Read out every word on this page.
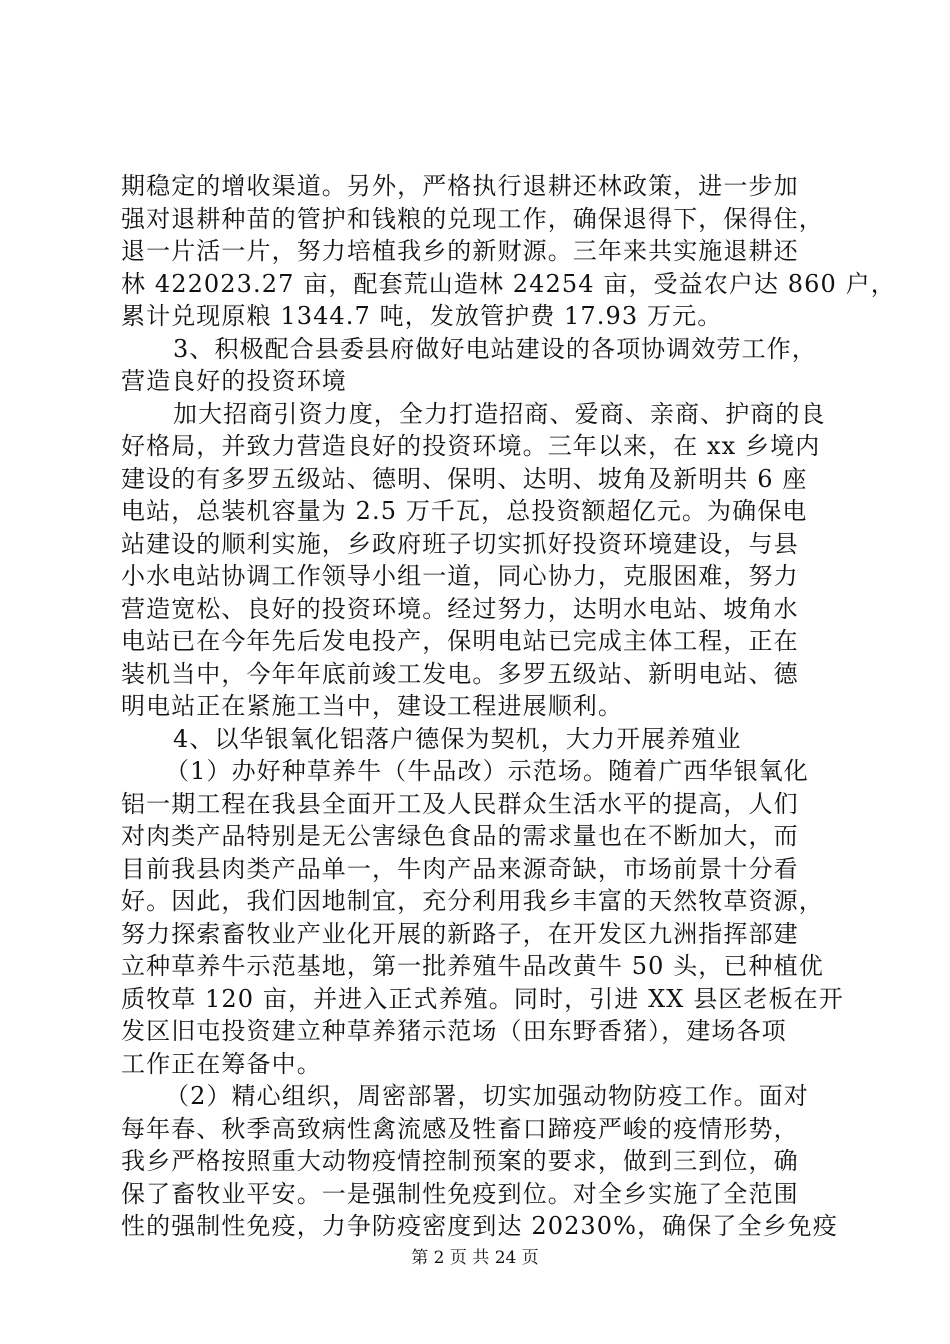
期稳定的增收渠道。另外，严格执行退耕还林政策，进一步加
强对退耕种苗的管护和钱粮的兑现工作，确保退得下，保得住，
退一片活一片，努力培植我乡的新财源。三年来共实施退耕还
林 422023.27 亩，配套荒山造林 24254 亩，受益农户达 860 户，
累计兑现原粮 1344.7 吨，发放管护费 17.93 万元。
3、积极配合县委县府做好电站建设的各项协调效劳工作，
营造良好的投资环境
加大招商引资力度，全力打造招商、爱商、亲商、护商的良
好格局，并致力营造良好的投资环境。三年以来，在 xx 乡境内
建设的有多罗五级站、德明、保明、达明、坡角及新明共 6 座
电站，总装机容量为 2.5 万千瓦，总投资额超亿元。为确保电
站建设的顺利实施，乡政府班子切实抓好投资环境建设，与县
小水电站协调工作领导小组一道，同心协力，克服困难，努力
营造宽松、良好的投资环境。经过努力，达明水电站、坡角水
电站已在今年先后发电投产，保明电站已完成主体工程，正在
装机当中，今年年底前竣工发电。多罗五级站、新明电站、德
明电站正在紧施工当中，建设工程进展顺利。
4、以华银氧化铝落户德保为契机，大力开展养殖业
（1）办好种草养牛（牛品改）示范场。随着广西华银氧化
铝一期工程在我县全面开工及人民群众生活水平的提高，人们
对肉类产品特别是无公害绿色食品的需求量也在不断加大，而
目前我县肉类产品单一，牛肉产品来源奇缺，市场前景十分看
好。因此，我们因地制宜，充分利用我乡丰富的天然牧草资源，
努力探索畜牧业产业化开展的新路子，在开发区九洲指挥部建
立种草养牛示范基地，第一批养殖牛品改黄牛 50 头，已种植优
质牧草 120 亩，并进入正式养殖。同时，引进 XX 县区老板在开
发区旧屯投资建立种草养猪示范场（田东野香猪），建场各项
工作正在筹备中。
（2）精心组织，周密部署，切实加强动物防疫工作。面对
每年春、秋季高致病性禽流感及牲畜口蹄疫严峻的疫情形势，
我乡严格按照重大动物疫情控制预案的要求，做到三到位，确
保了畜牧业平安。一是强制性免疫到位。对全乡实施了全范围
性的强制性免疫，力争防疫密度到达 20230%，确保了全乡免疫
第 2 页 共 24 页
